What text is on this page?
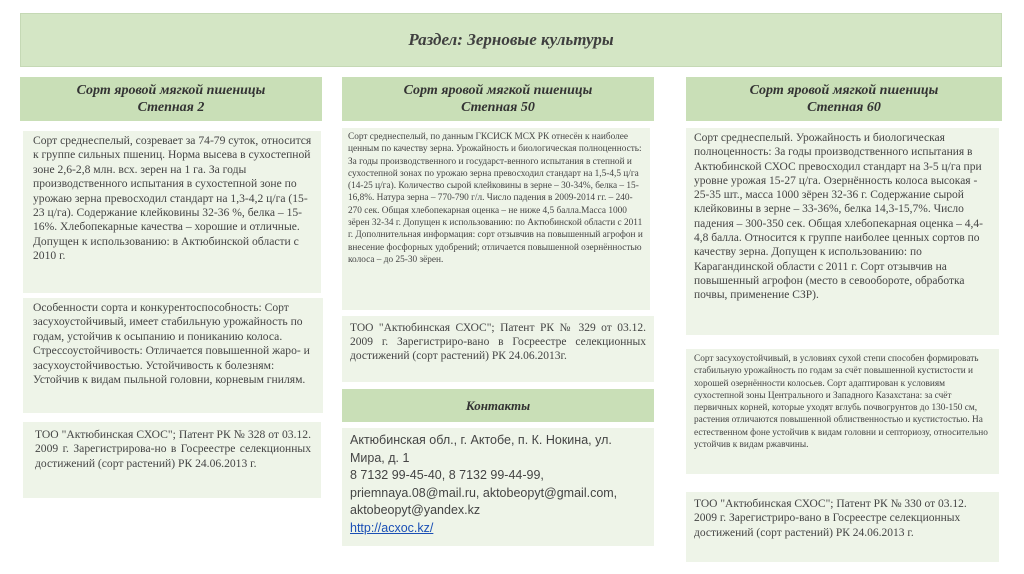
Раздел: Зерновые культуры
Сорт яровой мягкой пшеницы
Степная 2
Сорт среднеспелый, созревает за 74-79 суток, относится к группе сильных пшениц. Норма высева в сухостепной зоне 2,6-2,8 млн. всх. зерен на 1 га. За годы производственного испытания в сухостепной зоне по урожаю зерна превосходил стандарт на 1,3-4,2 ц/га (15-23 ц/га). Содержание клейковины 32-36 %, белка – 15-16%. Хлебопекарные качества – хорошие и отличные. Допущен к использованию: в Актюбинской области с 2010 г.
Особенности сорта и конкурентоспособность: Сорт засухоустойчивый, имеет стабильную урожайность по годам, устойчив к осыпанию и пониканию колоса. Стрессоустойчивость: Отличается повышенной жаро- и засухоустойчивостью. Устойчивость к болезням: Устойчив к видам пыльной головни, корневым гнилям.
ТОО "Актюбинская СХОС"; Патент РК № 328 от 03.12. 2009 г. Зарегистрирова-но в Госреестре селекционных достижений (сорт растений) РК 24.06.2013 г.
Сорт яровой мягкой пшеницы
Степная 50
Сорт среднеспелый, по данным ГКСИСК МСХ РК отнесён к наиболее ценным по качеству зерна. Урожайность и биологическая полноценность: За годы производственного и государст-венного испытания в степной и сухостепной зонах по урожаю зерна превосходил стандарт на 1,5-4,5 ц/га (14-25 ц/га). Количество сырой клейковины в зерне – 30-34%, белка – 15-16,8%. Натура зерна – 770-790 г/л. Число падения в 2009-2014 гг. – 240-270 сек. Общая хлебопекарная оценка – не ниже 4,5 балла.Масса 1000 зёрен 32-34 г. Допущен к использованию: по Актюбинской области с 2011 г. Дополнительная информация: сорт отзывчив на повышенный агрофон и внесение фосфорных удобрений; отличается повышенной озернённостью колоса – до 25-30 зёрен.
ТОО "Актюбинская СХОС"; Патент РК № 329 от 03.12. 2009 г. Зарегистриро-вано в Госреестре селекционных достижений (сорт растений) РК 24.06.2013г.
Контакты
Актюбинская обл., г. Актобе, п. К. Нокина, ул. Мира, д. 1
8 7132 99-45-40, 8 7132 99-44-99,
priemnaya.08@mail.ru, aktobeopyt@gmail.com,
aktobeopyt@yandex.kz
http://acxoc.kz/
Сорт яровой мягкой пшеницы
Степная 60
Сорт среднеспелый. Урожайность и биологическая полноценность: За годы производственного испытания в Актюбинской СХОС превосходил стандарт на 3-5 ц/га при уровне урожая 15-27 ц/га. Озернённость колоса высокая - 25-35 шт., масса 1000 зёрен 32-36 г. Содержание сырой клейковины в зерне – 33-36%, белка 14,3-15,7%. Число падения – 300-350 сек. Общая хлебопекарная оценка – 4,4-4,8 балла. Относится к группе наиболее ценных сортов по качеству зерна. Допущен к использованию: по Карагандинской области с 2011 г. Сорт отзывчив на повышенный агрофон (место в севообороте, обработка почвы, применение СЗР).
Сорт засухоустойчивый, в условиях сухой степи способен формировать стабильную урожайность по годам за счёт повышенной кустистости и хорошей озернённости колосьев. Сорт адаптирован к условиям сухостепной зоны Центрального и Западного Казахстана: за счёт первичных корней, которые уходят вглубь почвогрунтов до 130-150 см, растения отличаются повышенной облиственностью и кустистостью. На естественном фоне устойчив к видам головни и септориозу, относительно устойчив к видам ржавчины.
ТОО "Актюбинская СХОС"; Патент РК № 330 от 03.12. 2009 г. Зарегистриро-вано в Госреестре селекционных достижений (сорт растений) РК 24.06.2013 г.
